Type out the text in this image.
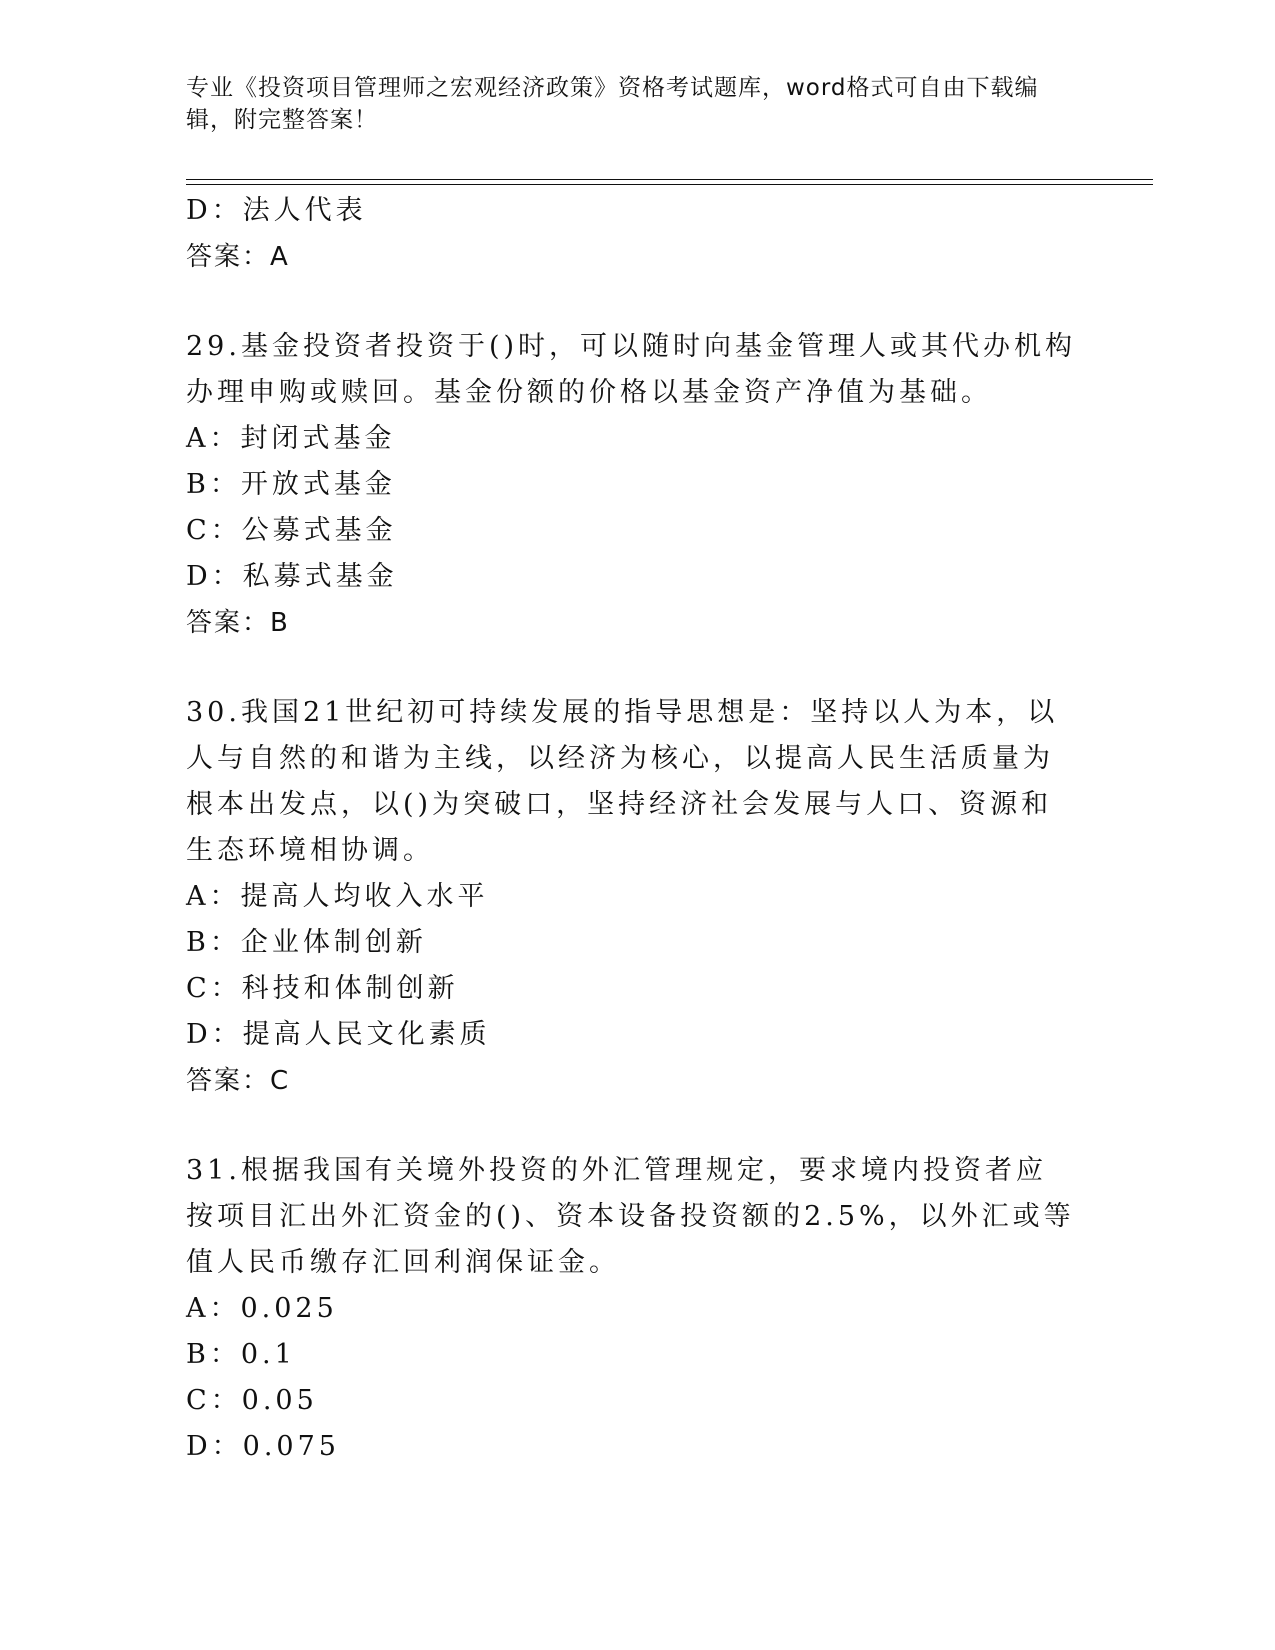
专业《投资项目管理师之宏观经济政策》资格考试题库，word格式可自由下载编辑，附完整答案！
D：法人代表
答案：A
29.基金投资者投资于()时，可以随时向基金管理人或其代办机构办理申购或赎回。基金份额的价格以基金资产净值为基础。
A：封闭式基金
B：开放式基金
C：公募式基金
D：私募式基金
答案：B
30.我国21世纪初可持续发展的指导思想是：坚持以人为本，以人与自然的和谐为主线，以经济为核心，以提高人民生活质量为根本出发点，以()为突破口，坚持经济社会发展与人口、资源和生态环境相协调。
A：提高人均收入水平
B：企业体制创新
C：科技和体制创新
D：提高人民文化素质
答案：C
31.根据我国有关境外投资的外汇管理规定，要求境内投资者应按项目汇出外汇资金的()、资本设备投资额的2.5%，以外汇或等值人民币缴存汇回利润保证金。
A：0.025
B：0.1
C：0.05
D：0.075
